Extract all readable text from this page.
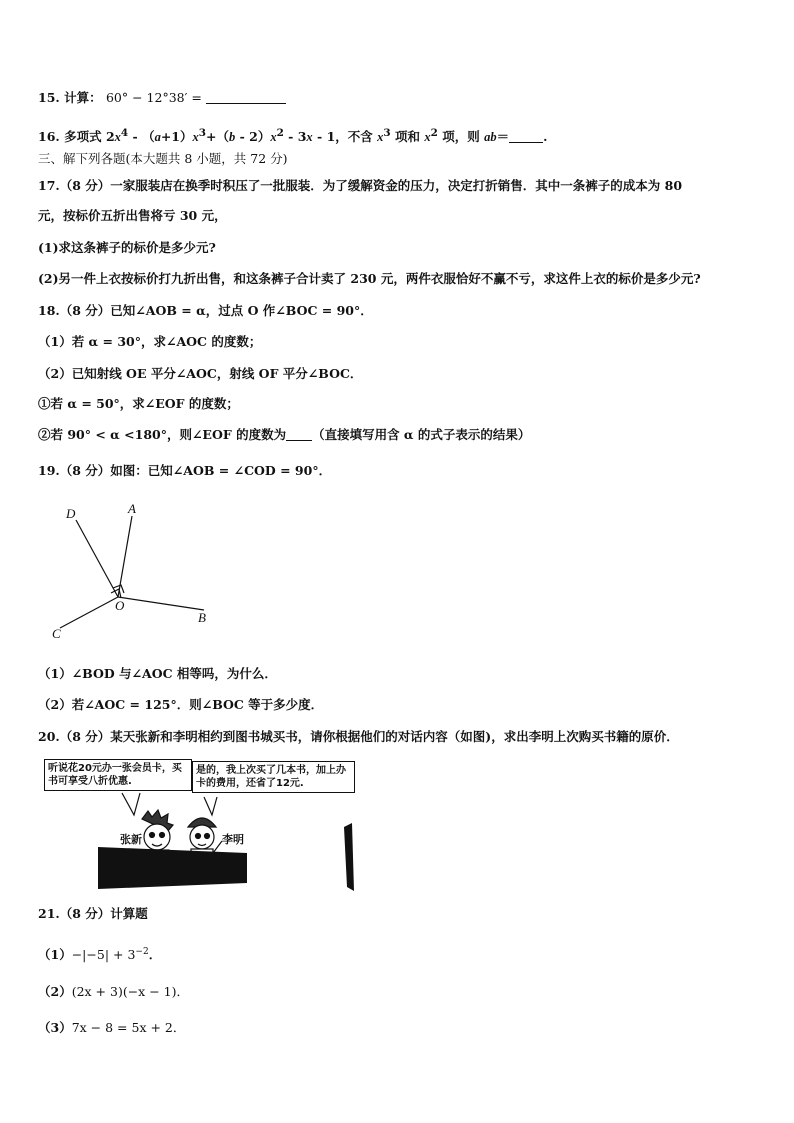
15. 计算： 60° − 12°38′ =
16. 多项式 $2x^4 - (a+1)x^3+(b - 2)x^2 - 3x - 1$，不含 $x^3$ 项和 $x^2$ 项，则 ab＝	.
三、解下列各题(本大题共 8 小题，共 72 分)
17.（8 分）一家服装店在换季时积压了一批服装．为了缓解资金的压力，决定打折销售．其中一条裤子的成本为 80
元，按标价五折出售将亏 30 元，
(1)求这条裤子的标价是多少元?
(2)另一件上衣按标价打九折出售，和这条裤子合计卖了 230 元，两件衣服恰好不赢不亏，求这件上衣的标价是多少元?
18.（8 分）已知∠AOB = α，过点 O 作∠BOC = 90°．
（1）若 α = 30°，求∠AOC 的度数；
（2）已知射线 OE 平分∠AOC，射线 OF 平分∠BOC．
①若 α = 50°，求∠EOF 的度数；
②若 90° < α <180°，则∠EOF 的度数为 （直接填写用含 α 的式子表示的结果）
19.（8 分）如图：已知∠AOB = ∠COD = 90°．
D	A
O
C
B
（1）∠BOD 与∠AOC 相等吗，为什么．
（2）若∠AOC = 125°．则∠BOC 等于多少度．
20.（8 分）某天张新和李明相约到图书城买书，请你根据他们的对话内容（如图)，求出李明上次购买书籍的原价．
听说花20元办一张会员卡，买书可享受八折优惠.
是的，我上次买了几本书，加上办卡的费用，还省了12元.
张新	李明
21.（8 分）计算题
$(1)-|-5| + 3^{-2}$．
（2）(2x + 3)(−x − 1)．
（3）7x − 8 = 5x + 2．
